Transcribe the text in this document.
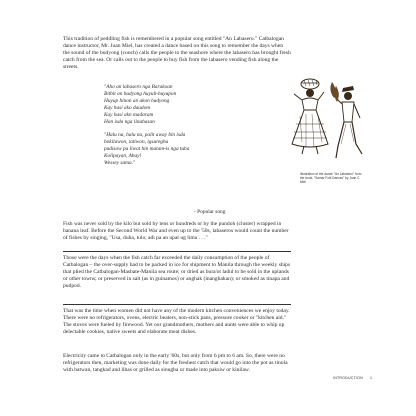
This tradition of peddling fish is remembered in a popular song entitled "An Labasero." Catbalogan dance instructor, Mr. Juan Miel, has created a dance based on this song to remember the days when the sound of the budyong (conch) calls the people to the seashore where the labasero has brought fresh catch from the sea. Or calls out to the people to buy fish from the labasero vending fish along the streets.

"Aho an labasero nga Barakoan
Bitbit an budyong huyub-huyupon
Huyup hinon an akon budyong
Kay hasi ako daudom
Kay hasi akn madaram
Han isda nga linabasan
"Halu na, halu na, palit away bin isda
bokilawon, tatiwon, igsuregha
padisow pa liwat hin matam-is nga tuba
Kolipayan, Ahay!
Wessey sama."
- Popular song

Fish was never sold by the kilo but sold by tens or hundreds or by the pundoh (cluster) wrapped in banana leaf. Before the Second World War and even up to the '50s, labaseros would count the number of fishes by singing, "Usa, duha, tulo, adi pa an upat ug lima . . ."

Those were the days when the fish catch far exceeded the daily consumption of the people of Catbalogan – the over-supply had to be packed in ice for shipment to Manila through the weekly ships that plied the Catbalogan-Masbate-Manila sea route; or dried as bura'ot ladul to be sold in the uplands or other towns; or preserved in salt (as in guinamos) or anghak (inanghakan); or smoked as tinapa and pudpod.

That was the time when women did not have any of the modern kitchen conveniences we enjoy today. There were no refrigerators, ovens, electric beaters, non-stick pans, pressure cooker or "kitchen aid." The stoves were fueled by firewood. Yet our grandmothers, mothers and aunts were able to whip up delectable cookies, native sweets and elaborate meat dishes.

Electricity came to Catbalogan only in the early '60s, but only from 6 pm to 6 am. So, there were no refrigerators then, marketing was done daily for the freshest catch that would go into the pot as tinola with batwan, tangkad and libas or grilled as sinugba or made into paksiw or kinilaw.

Illustration of the dance "An Labasero" from the book, "Samar Folk Dances" by Juan C. Miel
INTRODUCTION 1
